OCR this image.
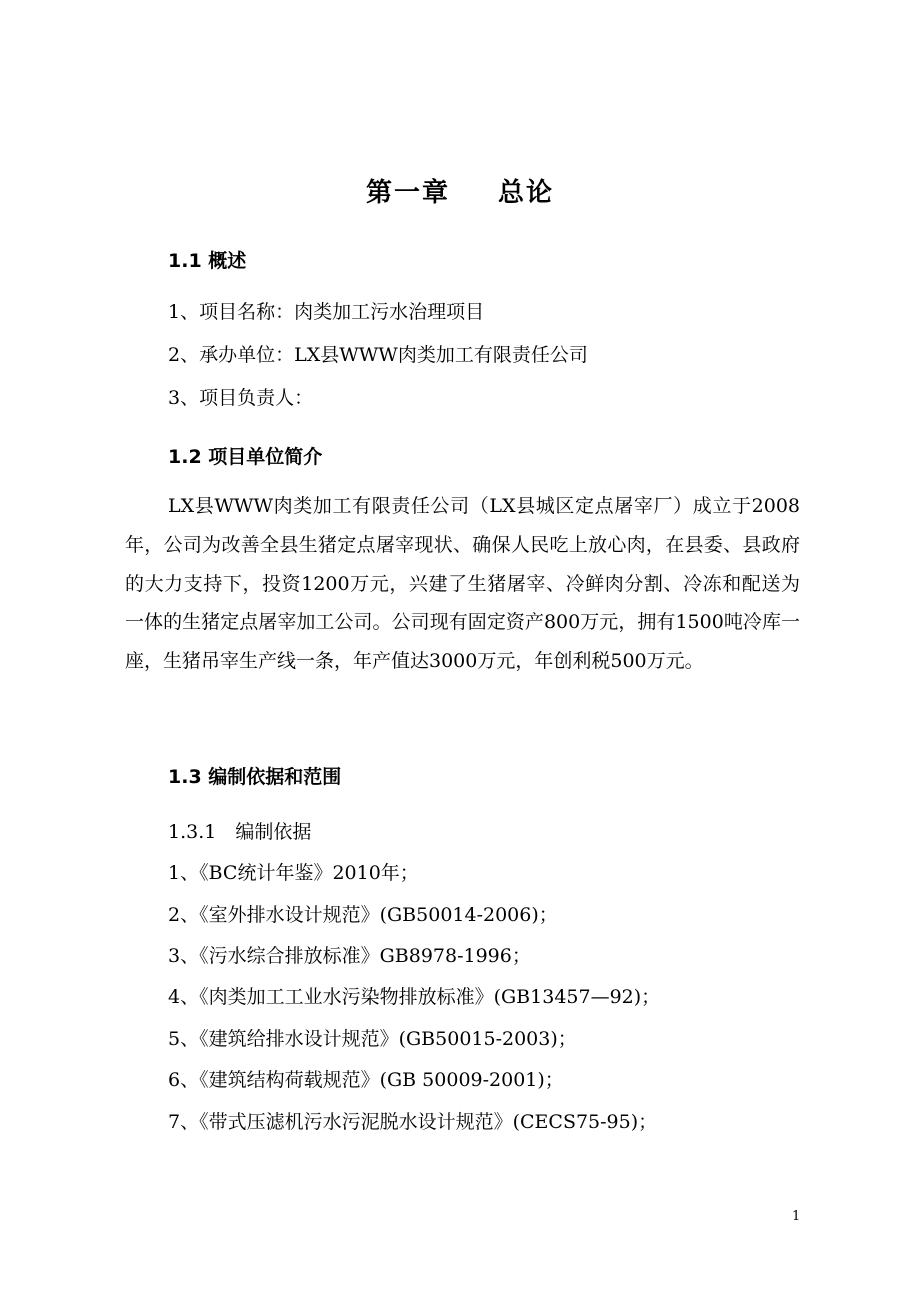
第一章 总论
1.1 概述
1、项目名称：肉类加工污水治理项目
2、承办单位：LX县WWW肉类加工有限责任公司
3、项目负责人：
1.2 项目单位简介
LX县WWW肉类加工有限责任公司（LX县城区定点屠宰厂）成立于2008年，公司为改善全县生猪定点屠宰现状、确保人民吃上放心肉，在县委、县政府的大力支持下，投资1200万元，兴建了生猪屠宰、冷鲜肉分割、冷冻和配送为一体的生猪定点屠宰加工公司。公司现有固定资产800万元，拥有1500吨冷库一座，生猪吊宰生产线一条，年产值达3000万元，年创利税500万元。
1.3 编制依据和范围
1.3.1　编制依据
1、《BC统计年鉴》2010年；
2、《室外排水设计规范》(GB50014-2006)；
3、《污水综合排放标准》GB8978-1996；
4、《肉类加工工业水污染物排放标准》(GB13457—92)；
5、《建筑给排水设计规范》(GB50015-2003)；
6、《建筑结构荷载规范》(GB 50009-2001)；
7、《带式压滤机污水污泥脱水设计规范》(CECS75-95)；
1
